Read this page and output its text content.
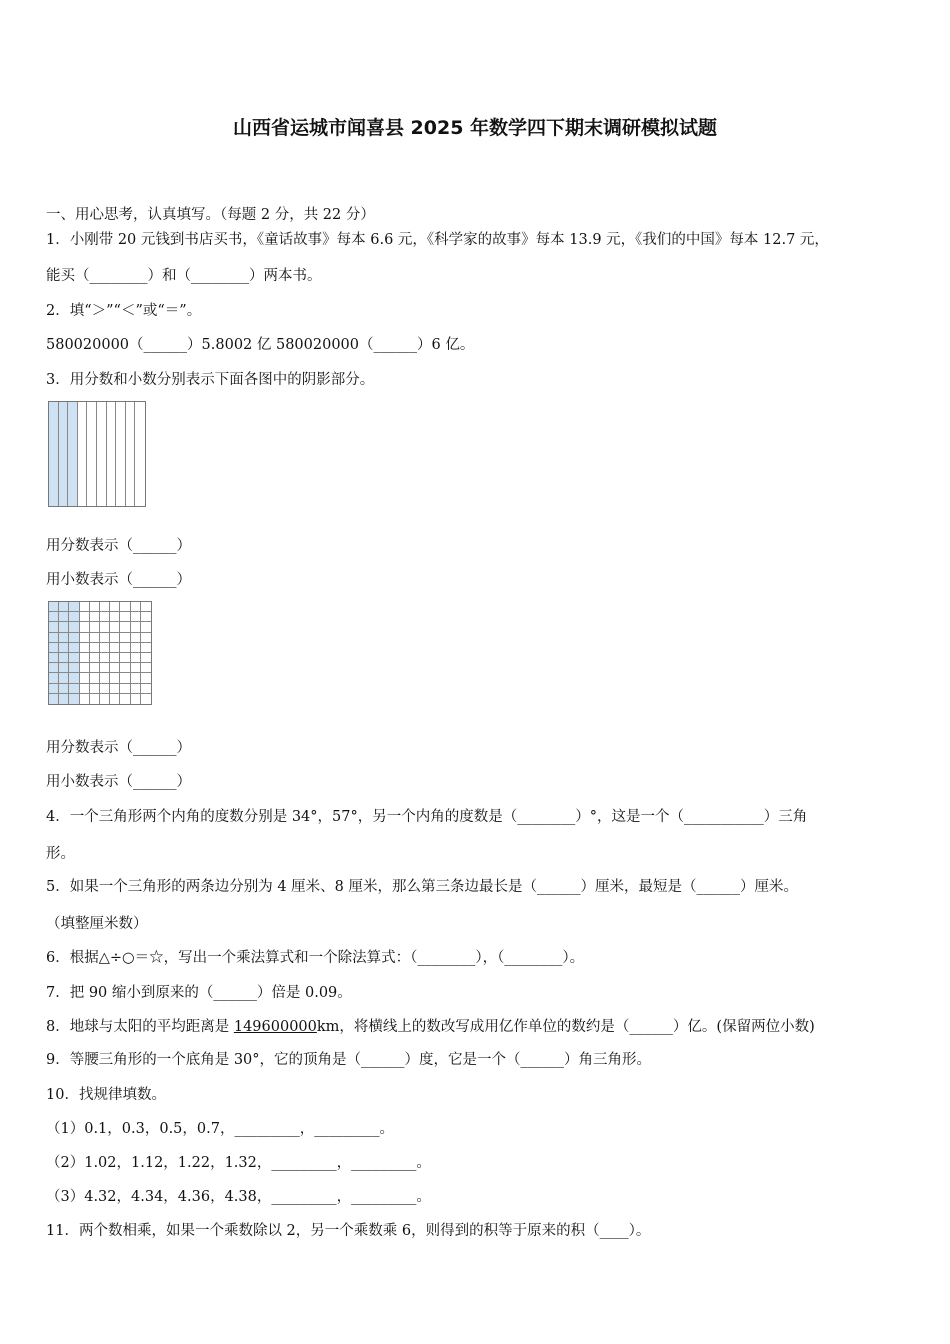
山西省运城市闻喜县 2025 年数学四下期末调研模拟试题
一、用心思考，认真填写。（每题 2 分，共 22 分）
1．小刚带 20 元钱到书店买书，《童话故事》每本 6.6 元，《科学家的故事》每本 13.9 元，《我们的中国》每本 12.7 元，
能买（________）和（________）两本书。
2．填“＞”“＜”或“＝”。
580020000（______）5.8002 亿 580020000（______）6 亿。
3．用分数和小数分别表示下面各图中的阴影部分。
用分数表示（______）
用小数表示（______）
用分数表示（______）
用小数表示（______）
4．一个三角形两个内角的度数分别是 34°，57°，另一个内角的度数是（________）°，这是一个（___________）三角
形。
5．如果一个三角形的两条边分别为 4 厘米、8 厘米，那么第三条边最长是（______）厘米，最短是（______）厘米。
（填整厘米数）
6．根据△÷○＝☆，写出一个乘法算式和一个除法算式：（________），（________）。
7．把 90 缩小到原来的（______）倍是 0.09。
8．地球与太阳的平均距离是 149600000km，将横线上的数改写成用亿作单位的数约是（______）亿。(保留两位小数)
9．等腰三角形的一个底角是 30°，它的顶角是（______）度，它是一个（______）角三角形。
10．找规律填数。
（1）0.1，0.3，0.5，0.7，_________，_________。
（2）1.02，1.12，1.22，1.32，_________，_________。
（3）4.32，4.34，4.36，4.38，_________，_________。
11．两个数相乘，如果一个乘数除以 2，另一个乘数乘 6，则得到的积等于原来的积（____）。
